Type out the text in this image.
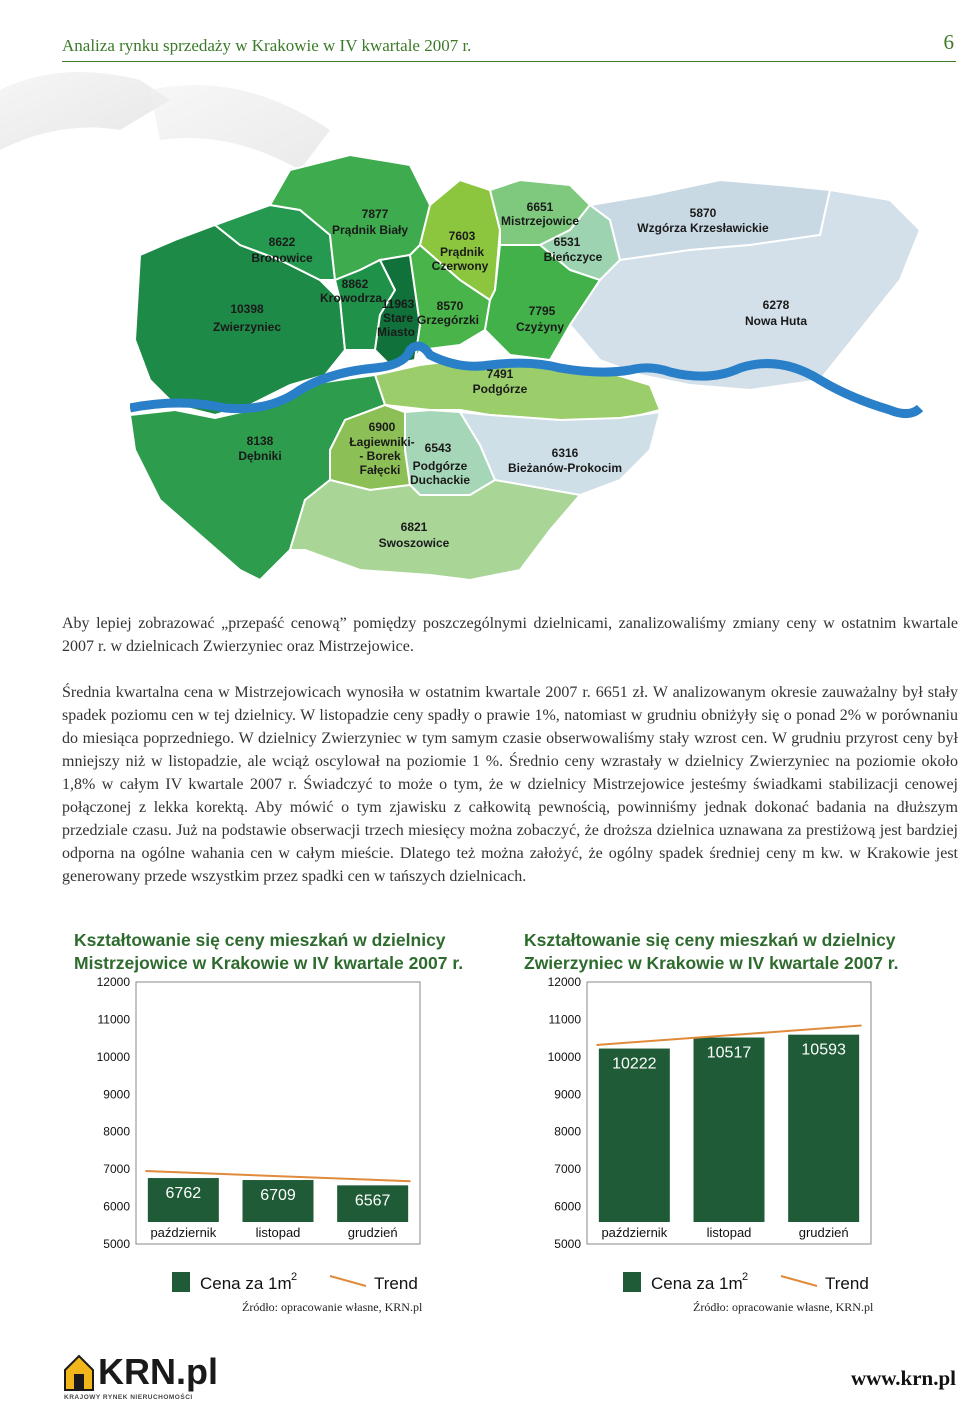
Analiza rynku sprzedaży w Krakowie w IV kwartale 2007 r.	6
10398
Zwierzyniec
8622
Bronowice
7877
Prądnik Biały
8862
Krowodrza 11963
Stare
Miasto
8570
Grzegórzki
7603
Prądnik
Czerwony
6651
Mistrzejowice
6531
Bieńczyce
7795
Czyżyny
5870
Wzgórza Krzesławickie
6278
Nowa Huta
7491
Podgórze
8138
Dębniki
6900
Łagiewniki-
- Borek
Fałęcki
6543
Podgórze
Duchackie
6316
Bieżanów-Prokocim
6821
Swoszowice
Aby lepiej zobrazować „przepaść cenową” pomiędzy poszczególnymi dzielnicami, zanalizowaliśmy zmiany ceny w ostatnim kwartale 2007 r. w dzielnicach Zwierzyniec oraz Mistrzejowice.
Średnia kwartalna cena w Mistrzejowicach wynosiła w ostatnim kwartale 2007 r. 6651 zł. W analizowanym okresie zauważalny był stały spadek poziomu cen w tej dzielnicy. W listopadzie ceny spadły o prawie 1%, natomiast w grudniu obniżyły się o ponad 2% w porównaniu do miesiąca poprzedniego. W dzielnicy Zwierzyniec w tym samym czasie obserwowaliśmy stały wzrost cen. W grudniu przyrost ceny był mniejszy niż w listopadzie, ale wciąż oscylował na poziomie 1 %. Średnio ceny wzrastały w dzielnicy Zwierzyniec na poziomie około 1,8% w całym IV kwartale 2007 r. Świadczyć to może o tym, że w dzielnicy Mistrzejowice jesteśmy świadkami stabilizacji cenowej połączonej z lekka korektą. Aby mówić o tym zjawisku z całkowitą pewnością, powinniśmy jednak dokonać badania na dłuższym przedziale czasu. Już na podstawie obserwacji trzech miesięcy można zobaczyć, że droższa dzielnica uznawana za prestiżową jest bardziej odporna na ogólne wahania cen w całym mieście. Dlatego też można założyć, że ogólny spadek średniej ceny m kw. w Krakowie jest generowany przede wszystkim przez spadki cen w tańszych dzielnicach.
Kształtowanie się ceny mieszkań w dzielnicy
Mistrzejowice w Krakowie w IV kwartale 2007 r.
12000
11000
10000
9000
8000
7000
6000
5000
6762
październik
6709
listopad
6567
grudzień
Cena za 1m 2	Trend
Źródło: opracowanie własne, KRN.pl
Kształtowanie się ceny mieszkań w dzielnicy
Zwierzyniec w Krakowie w IV kwartale 2007 r.
12000
11000
10000
9000
8000
7000
6000
5000
10222
październik
10517
listopad
10593
grudzień
Cena za 1m 2	Trend
Źródło: opracowanie własne, KRN.pl
KRN.pl
KRAJOWY RYNEK NIERUCHOMOŚCI
www.krn.pl
